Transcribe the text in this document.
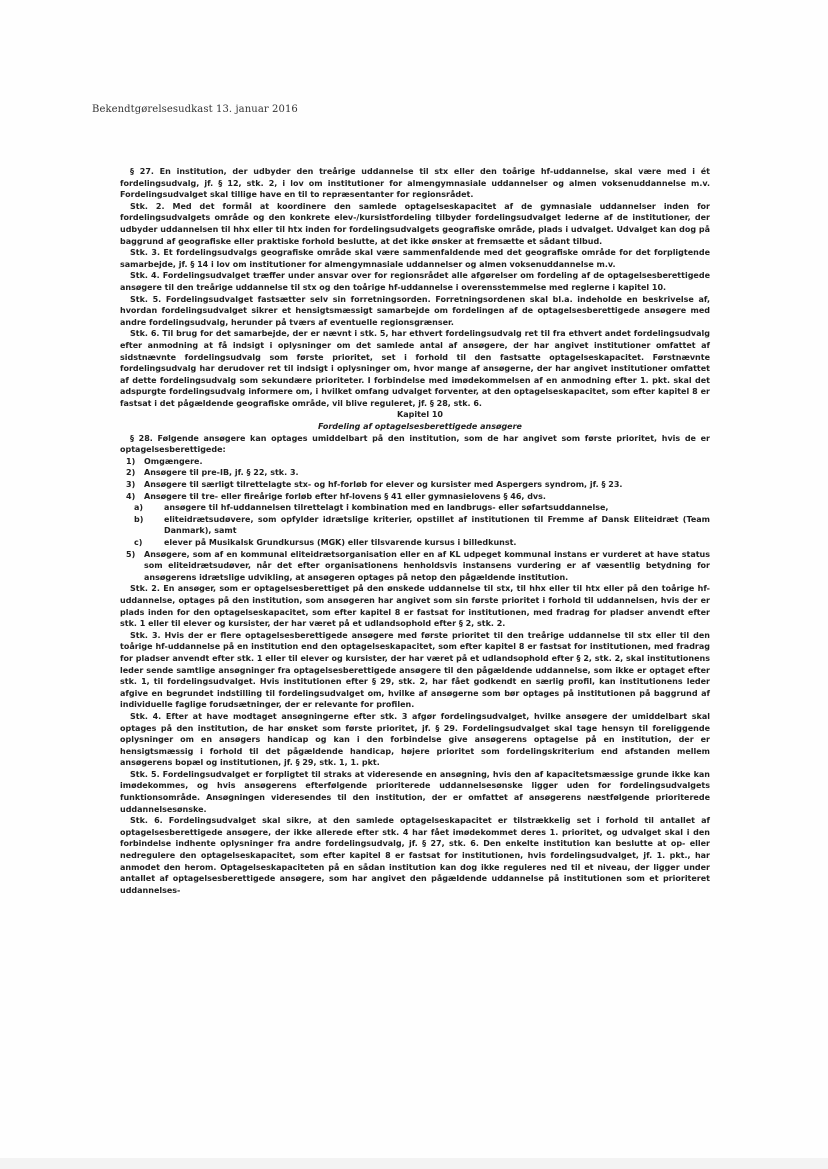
Bekendtgørelsesudkast 13. januar 2016

§ 27. En institution, der udbyder den treårige uddannelse til stx eller den toårige hf-uddannelse, skal være med i ét fordelingsudvalg, jf. § 12, stk. 2, i lov om institutioner for almengymnasiale uddannelser og almen voksenuddannelse m.v. Fordelingsudvalget skal tillige have en til to repræsentanter for regionsrådet.

Stk. 2. Med det formål at koordinere den samlede optagelseskapacitet af de gymnasiale uddannelser inden for fordelingsudvalgets område og den konkrete elev-/kursistfordeling tilbyder fordelingsudvalget lederne af de institutioner, der udbyder uddannelsen til hhx eller til htx inden for fordelingsudvalgets geografiske område, plads i udvalget. Udvalget kan dog på baggrund af geografiske eller praktiske forhold beslutte, at det ikke ønsker at fremsætte et sådant tilbud.

Stk. 3. Et fordelingsudvalgs geografiske område skal være sammenfaldende med det geografiske område for det forpligtende samarbejde, jf. § 14 i lov om institutioner for almengymnasiale uddannelser og almen voksenuddannelse m.v.

Stk. 4. Fordelingsudvalget træffer under ansvar over for regionsrådet alle afgørelser om fordeling af de optagelsesberettigede ansøgere til den treårige uddannelse til stx og den toårige hf-uddannelse i overensstemmelse med reglerne i kapitel 10.

Stk. 5. Fordelingsudvalget fastsætter selv sin forretningsorden. Forretningsordenen skal bl.a. indeholde en beskrivelse af, hvordan fordelingsudvalget sikrer et hensigtsmæssigt samarbejde om fordelingen af de optagelsesberettigede ansøgere med andre fordelingsudvalg, herunder på tværs af eventuelle regionsgrænser.

Stk. 6. Til brug for det samarbejde, der er nævnt i stk. 5, har ethvert fordelingsudvalg ret til fra ethvert andet fordelingsudvalg efter anmodning at få indsigt i oplysninger om det samlede antal af ansøgere, der har angivet institutioner omfattet af sidstnævnte fordelingsudvalg som første prioritet, set i forhold til den fastsatte optagelseskapacitet. Førstnævnte fordelingsudvalg har derudover ret til indsigt i oplysninger om, hvor mange af ansøgerne, der har angivet institutioner omfattet af dette fordelingsudvalg som sekundære prioriteter. I forbindelse med imødekommelsen af en anmodning efter 1. pkt. skal det adspurgte fordelingsudvalg informere om, i hvilket omfang udvalget forventer, at den optagelseskapacitet, som efter kapitel 8 er fastsat i det pågældende geografiske område, vil blive reguleret, jf. § 28, stk. 6.

Kapitel 10

Fordeling af optagelsesberettigede ansøgere

§ 28. Følgende ansøgere kan optages umiddelbart på den institution, som de har angivet som første prioritet, hvis de er optagelsesberettigede:

1) Omgængere.
2) Ansøgere til pre-IB, jf. § 22, stk. 3.
3) Ansøgere til særligt tilrettelagte stx- og hf-forløb for elever og kursister med Aspergers syndrom, jf. § 23.
4) Ansøgere til tre- eller fireårige forløb efter hf-lovens § 41 eller gymnasielovens § 46, dvs.
a)	ansøgere til hf-uddannelsen tilrettelagt i kombination med en landbrugs- eller søfartsuddannelse,
b)	eliteidrætsudøvere, som opfylder idrætslige kriterier, opstillet af institutionen til Fremme af Dansk Eliteidræt (Team Danmark), samt
c)	elever på Musikalsk Grundkursus (MGK) eller tilsvarende kursus i billedkunst.
5) Ansøgere, som af en kommunal eliteidrætsorganisation eller en af KL udpeget kommunal instans er vurderet at have status som eliteidrætsudøver, når det efter organisationens henholdsvis instansens vurdering er af væsentlig betydning for ansøgerens idrætslige udvikling, at ansøgeren optages på netop den pågældende institution.

Stk. 2. En ansøger, som er optagelsesberettiget på den ønskede uddannelse til stx, til hhx eller til htx eller på den toårige hf-uddannelse, optages på den institution, som ansøgeren har angivet som sin første prioritet i forhold til uddannelsen, hvis der er plads inden for den optagelseskapacitet, som efter kapitel 8 er fastsat for institutionen, med fradrag for pladser anvendt efter stk. 1 eller til elever og kursister, der har været på et udlandsophold efter § 2, stk. 2.

Stk. 3. Hvis der er flere optagelsesberettigede ansøgere med første prioritet til den treårige uddannelse til stx eller til den toårige hf-uddannelse på en institution end den optagelseskapacitet, som efter kapitel 8 er fastsat for institutionen, med fradrag for pladser anvendt efter stk. 1 eller til elever og kursister, der har været på et udlandsophold efter § 2, stk. 2, skal institutionens leder sende samtlige ansøgninger fra optagelsesberettigede ansøgere til den pågældende uddannelse, som ikke er optaget efter stk. 1, til fordelingsudvalget. Hvis institutionen efter § 29, stk. 2, har fået godkendt en særlig profil, kan institutionens leder afgive en begrundet indstilling til fordelingsudvalget om, hvilke af ansøgerne som bør optages på institutionen på baggrund af individuelle faglige forudsætninger, der er relevante for profilen.

Stk. 4. Efter at have modtaget ansøgningerne efter stk. 3 afgør fordelingsudvalget, hvilke ansøgere der umiddelbart skal optages på den institution, de har ønsket som første prioritet, jf. § 29. Fordelingsudvalget skal tage hensyn til foreliggende oplysninger om en ansøgers handicap og kan i den forbindelse give ansøgerens optagelse på en institution, der er hensigtsmæssig i forhold til det pågældende handicap, højere prioritet som fordelingskriterium end afstanden mellem ansøgerens bopæl og institutionen, jf. § 29, stk. 1, 1. pkt.

Stk. 5. Fordelingsudvalget er forpligtet til straks at videresende en ansøgning, hvis den af kapacitetsmæssige grunde ikke kan imødekommes, og hvis ansøgerens efterfølgende prioriterede uddannelsesønske ligger uden for fordelingsudvalgets funktionsområde. Ansøgningen videresendes til den institution, der er omfattet af ansøgerens næstfølgende prioriterede uddannelsesønske.

Stk. 6. Fordelingsudvalget skal sikre, at den samlede optagelseskapacitet er tilstrækkelig set i forhold til antallet af optagelsesberettigede ansøgere, der ikke allerede efter stk. 4 har fået imødekommet deres 1. prioritet, og udvalget skal i den forbindelse indhente oplysninger fra andre fordelingsudvalg, jf. § 27, stk. 6. Den enkelte institution kan beslutte at op- eller nedregulere den optagelseskapacitet, som efter kapitel 8 er fastsat for institutionen, hvis fordelingsudvalget, jf. 1. pkt., har anmodet den herom. Optagelseskapaciteten på en sådan institution kan dog ikke reguleres ned til et niveau, der ligger under antallet af optagelsesberettigede ansøgere, som har angivet den pågældende uddannelse på institutionen som et prioriteret uddannelses-
